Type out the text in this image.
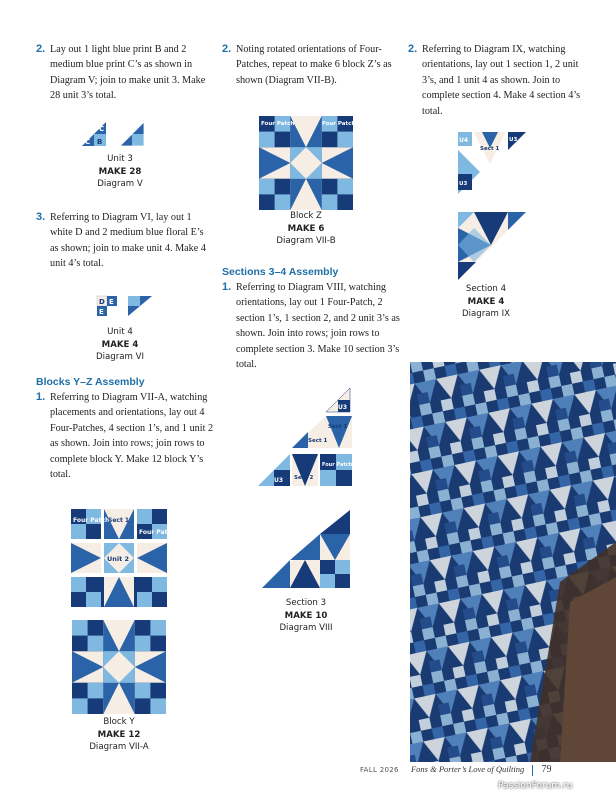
2. Lay out 1 light blue print B and 2 medium blue print C’s as shown in Diagram V; join to make unit 3. Make 28 unit 3’s total.
C
C
B
Unit 3
MAKE 28
Diagram V
3. Referring to Diagram VI, lay out 1 white D and 2 medium blue floral E’s as shown; join to make unit 4. Make 4 unit 4’s total.
D E
E
Unit 4
MAKE 4
Diagram VI
Blocks Y–Z Assembly
1. Referring to Diagram VII-A, watching placements and orientations, lay out 4 Four-Patches, 4 section 1’s, and 1 unit 2 as shown. Join into rows; join rows to complete block Y. Make 12 block Y’s total.
Four Patch
Sect 1
Four Patch
Unit 2
Block Y
MAKE 12
Diagram VII-A
2. Noting rotated orientations of Four-Patches, repeat to make 6 block Z’s as shown (Diagram VII-B).
Four Patch	Four Patch
Block Z
MAKE 6
Diagram VII-B
Sections 3–4 Assembly
1. Referring to Diagram VIII, watching orientations, lay out 1 Four-Patch, 2 section 1’s, 1 section 2, and 2 unit 3’s as shown. Join into rows; join rows to complete section 3. Make 10 section 3’s total.
U3
Sect 1
Sect 1
U3 Sect 2
Four Patch
Section 3
MAKE 10
Diagram VIII
2. Referring to Diagram IX, watching orientations, lay out 1 section 1, 2 unit 3’s, and 1 unit 4 as shown. Join to complete section 4. Make 4 section 4’s total.
U4
Sect 1
U3
U3
Section 4
MAKE 4
Diagram IX
FALL 2026 Fons & Porter’s Love of Quilting 79
PassionForum.ru
